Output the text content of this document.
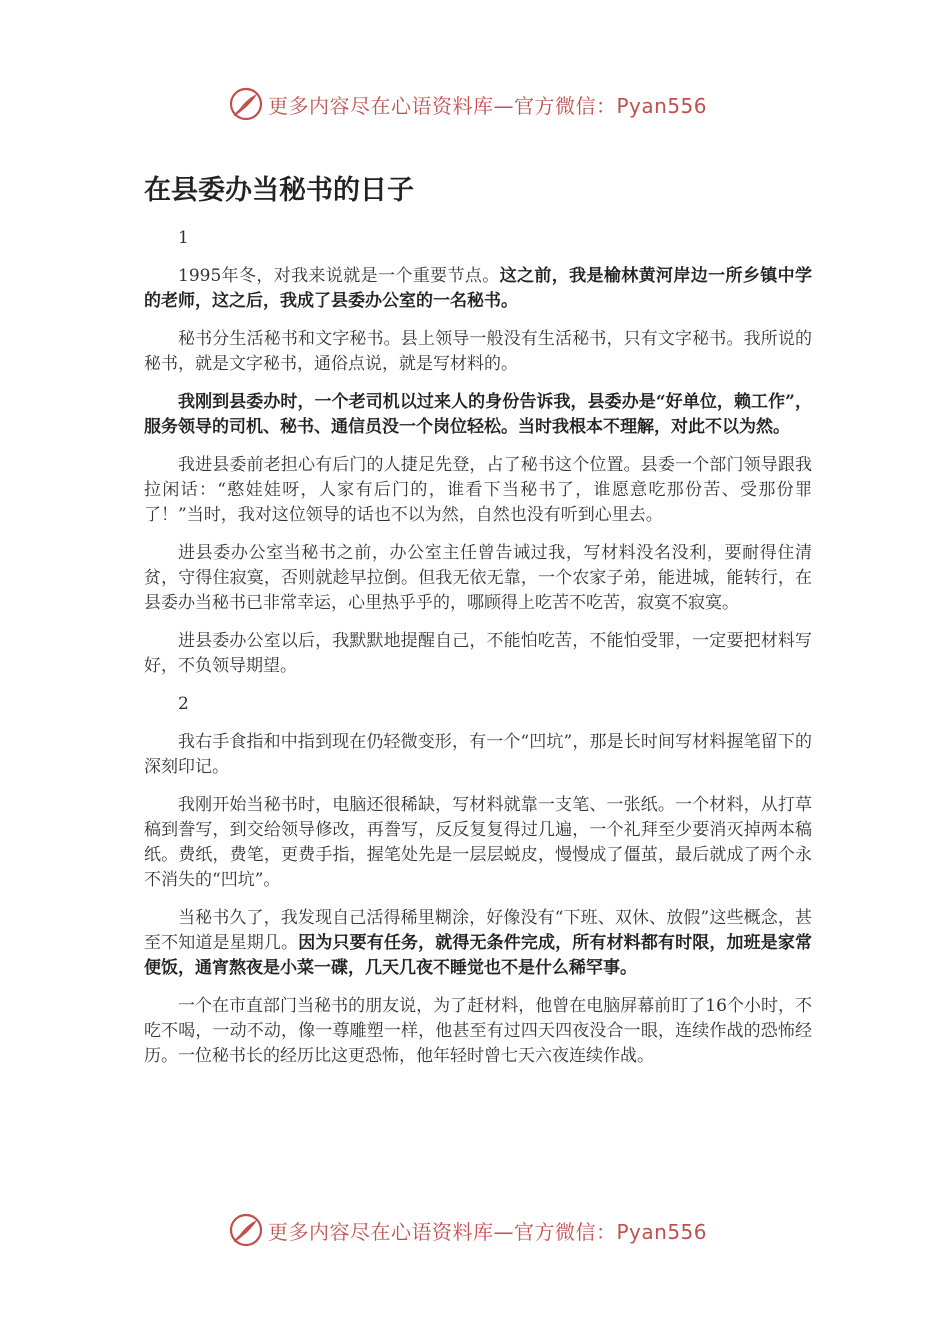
更多内容尽在心语资料库—官方微信：Pyan556
在县委办当秘书的日子

1

1995年冬，对我来说就是一个重要节点。这之前，我是榆林黄河岸边一所乡镇中学的老师，这之后，我成了县委办公室的一名秘书。

秘书分生活秘书和文字秘书。县上领导一般没有生活秘书，只有文字秘书。我所说的秘书，就是文字秘书，通俗点说，就是写材料的。

我刚到县委办时，一个老司机以过来人的身份告诉我，县委办是“好单位，赖工作”，服务领导的司机、秘书、通信员没一个岗位轻松。当时我根本不理解，对此不以为然。

我进县委前老担心有后门的人捷足先登，占了秘书这个位置。县委一个部门领导跟我拉闲话：“憨娃娃呀，人家有后门的，谁看下当秘书了，谁愿意吃那份苦、受那份罪了！”当时，我对这位领导的话也不以为然，自然也没有听到心里去。

进县委办公室当秘书之前，办公室主任曾告诫过我，写材料没名没利，要耐得住清贫，守得住寂寞，否则就趁早拉倒。但我无依无靠，一个农家子弟，能进城，能转行，在县委办当秘书已非常幸运，心里热乎乎的，哪顾得上吃苦不吃苦，寂寞不寂寞。

进县委办公室以后，我默默地提醒自己，不能怕吃苦，不能怕受罪，一定要把材料写好，不负领导期望。

2

我右手食指和中指到现在仍轻微变形，有一个“凹坑”，那是长时间写材料握笔留下的深刻印记。

我刚开始当秘书时，电脑还很稀缺，写材料就靠一支笔、一张纸。一个材料，从打草稿到誊写，到交给领导修改，再誊写，反反复复得过几遍，一个礼拜至少要消灭掉两本稿纸。费纸，费笔，更费手指，握笔处先是一层层蜕皮，慢慢成了僵茧，最后就成了两个永不消失的“凹坑”。

当秘书久了，我发现自己活得稀里糊涂，好像没有“下班、双休、放假”这些概念，甚至不知道是星期几。因为只要有任务，就得无条件完成，所有材料都有时限，加班是家常便饭，通宵熬夜是小菜一碟，几天几夜不睡觉也不是什么稀罕事。

一个在市直部门当秘书的朋友说，为了赶材料，他曾在电脑屏幕前盯了16个小时，不吃不喝，一动不动，像一尊雕塑一样，他甚至有过四天四夜没合一眼，连续作战的恐怖经历。一位秘书长的经历比这更恐怖，他年轻时曾七天六夜连续作战。

更多内容尽在心语资料库—官方微信：Pyan556
